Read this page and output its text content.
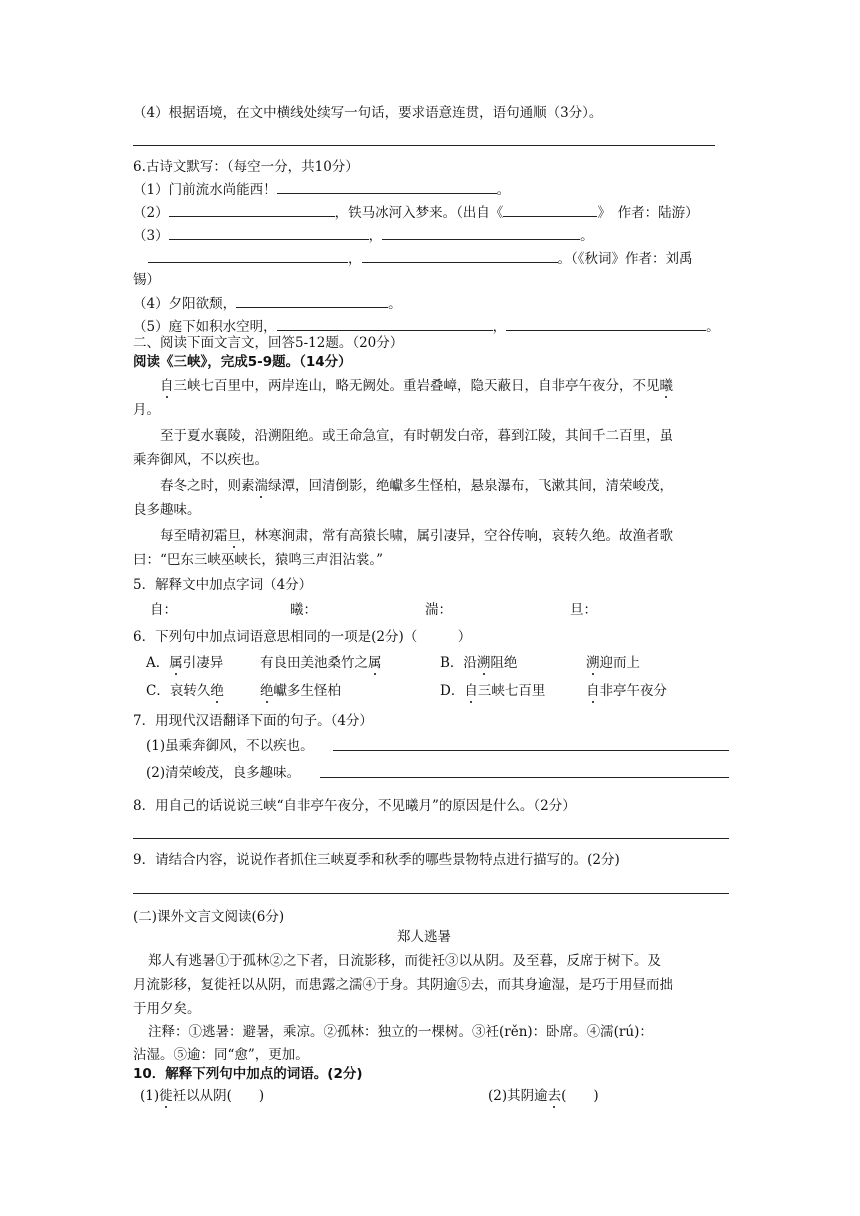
（4）根据语境，在文中横线处续写一句话，要求语意连贯，语句通顺（3分）。
6.古诗文默写：（每空一分，共10分）
（1）门前流水尚能西！	。
（2）	，铁马冰河入梦来。（出自《	》　作者：陆游）
（3）	，	。
，	。（《秋词》作者：刘禹
锡）
（4）夕阳欲颓，	。
（5）庭下如积水空明，	，	。
二、阅读下面文言文，回答5-12题。（20分）
阅读《三峡》，完成5-9题。（14分）
自三峡七百里中，两岸连山，略无阙处。重岩叠嶂，隐天蔽日，自非亭午夜分，不见曦
月。
至于夏水襄陵，沿溯阻绝。或王命急宣，有时朝发白帝，暮到江陵，其间千二百里，虽
乘奔御风，不以疾也。
春冬之时，则素湍绿潭，回清倒影，绝巘多生怪柏，悬泉瀑布，飞漱其间，清荣峻茂，
良多趣味。
每至晴初霜旦，林寒涧肃，常有高猿长啸，属引凄异，空谷传响，哀转久绝。故渔者歌
曰：“巴东三峡巫峡长，猿鸣三声泪沾裳。”
5．解释文中加点字词（4分）
自：	曦：	湍：	旦：
6．下列句中加点词语意思相同的一项是(2分)（　　　）
A．属引凄异	有良田美池桑竹之属	B．沿溯阻绝	溯迎而上
C．哀转久绝	绝巘多生怪柏	D．自三峡七百里	自非亭午夜分
7．用现代汉语翻译下面的句子。（4分）
(1)虽乘奔御风，不以疾也。
(2)清荣峻茂，良多趣味。
8．用自己的话说说三峡“自非亭午夜分，不见曦月”的原因是什么。（2分）
9．请结合内容，说说作者抓住三峡夏季和秋季的哪些景物特点进行描写的。(2分)
(二)课外文言文阅读(6分)
郑人逃暑
郑人有逃暑①于孤林②之下者，日流影移，而徙衽③以从阴。及至暮，反席于树下。及
月流影移，复徙衽以从阴，而患露之濡④于身。其阴逾⑤去，而其身逾湿，是巧于用昼而拙
于用夕矣。
注释：①逃暑：避暑，乘凉。②孤林：独立的一棵树。③衽(rěn)：卧席。④濡(rú)：
沾湿。⑤逾：同“愈”，更加。
10．解释下列句中加点的词语。(2分)
(1)徙衽以从阴(　　)	(2)其阴逾去(　　)
